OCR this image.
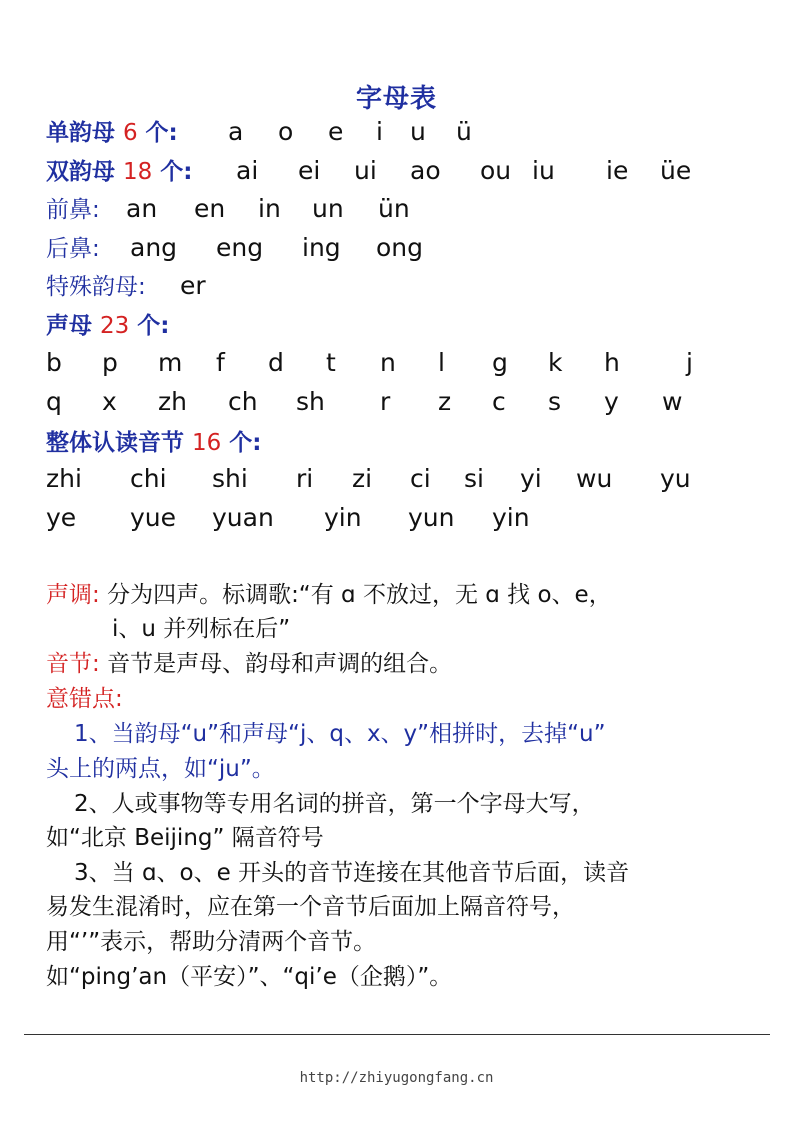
字母表
单韵母 6 个: a o e i u ü
双韵母 18 个: ai ei ui ao ou iu ie üe
前鼻: an en in un ün
后鼻: ang eng ing ong
特殊韵母: er
声母 23 个:
b p m f d t n l g k h	j
q x zh ch sh r z c s y w
整体认读音节 16 个:
zhi chi shi ri zi ci si yi wu yu
ye yue yuan yin yun yin
声调: 分为四声。标调歌:“有 ɑ 不放过，无 ɑ 找 o、e，
i、u 并列标在后”
音节: 音节是声母、韵母和声调的组合。
意错点:
1、当韵母“u”和声母“j、q、x、y”相拼时，去掉“u”
头上的两点，如“ju”。
2、人或事物等专用名词的拼音，第一个字母大写，
如“北京 Beijing” 隔音符号
3、当 ɑ、o、e 开头的音节连接在其他音节后面，读音
易发生混淆时，应在第一个音节后面加上隔音符号，
用“’”表示，帮助分清两个音节。
如“ping’an（平安）”、“qi’e（企鹅）”。
http://zhiyugongfang.cn
